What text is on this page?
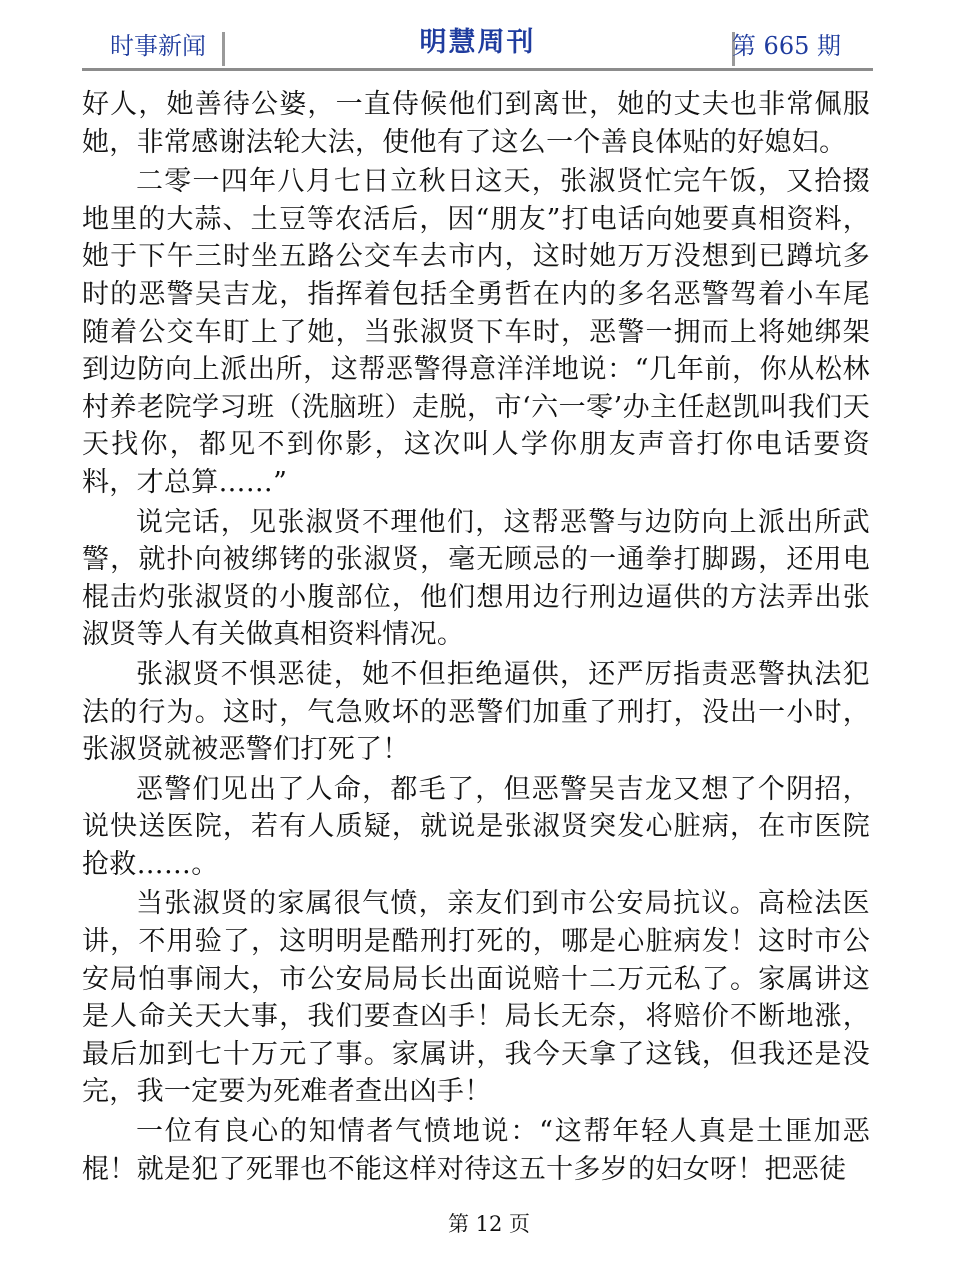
时事新闻	明慧周刊	第 665 期

好人，她善待公婆，一直侍候他们到离世，她的丈夫也非常佩服她，非常感谢法轮大法，使他有了这么一个善良体贴的好媳妇。

二零一四年八月七日立秋日这天，张淑贤忙完午饭，又拾掇地里的大蒜、土豆等农活后，因“朋友”打电话向她要真相资料，她于下午三时坐五路公交车去市内，这时她万万没想到已蹲坑多时的恶警吴吉龙，指挥着包括全勇哲在内的多名恶警驾着小车尾随着公交车盯上了她，当张淑贤下车时，恶警一拥而上将她绑架到边防向上派出所，这帮恶警得意洋洋地说：“几年前，你从松林村养老院学习班（洗脑班）走脱，市‘六一零’办主任赵凯叫我们天天找你，都见不到你影，这次叫人学你朋友声音打你电话要资料，才总算……”

说完话，见张淑贤不理他们，这帮恶警与边防向上派出所武警，就扑向被绑铐的张淑贤，毫无顾忌的一通拳打脚踢，还用电棍击灼张淑贤的小腹部位，他们想用边行刑边逼供的方法弄出张淑贤等人有关做真相资料情况。

张淑贤不惧恶徒，她不但拒绝逼供，还严厉指责恶警执法犯法的行为。这时，气急败坏的恶警们加重了刑打，没出一小时，张淑贤就被恶警们打死了！

恶警们见出了人命，都毛了，但恶警吴吉龙又想了个阴招，说快送医院，若有人质疑，就说是张淑贤突发心脏病，在市医院抢救……。

当张淑贤的家属很气愤，亲友们到市公安局抗议。高检法医讲，不用验了，这明明是酷刑打死的，哪是心脏病发！这时市公安局怕事闹大，市公安局局长出面说赔十二万元私了。家属讲这是人命关天大事，我们要查凶手！局长无奈，将赔价不断地涨，最后加到七十万元了事。家属讲，我今天拿了这钱，但我还是没完，我一定要为死难者查出凶手！

一位有良心的知情者气愤地说：“这帮年轻人真是土匪加恶棍！就是犯了死罪也不能这样对待这五十多岁的妇女呀！把恶徒

第 12 页
